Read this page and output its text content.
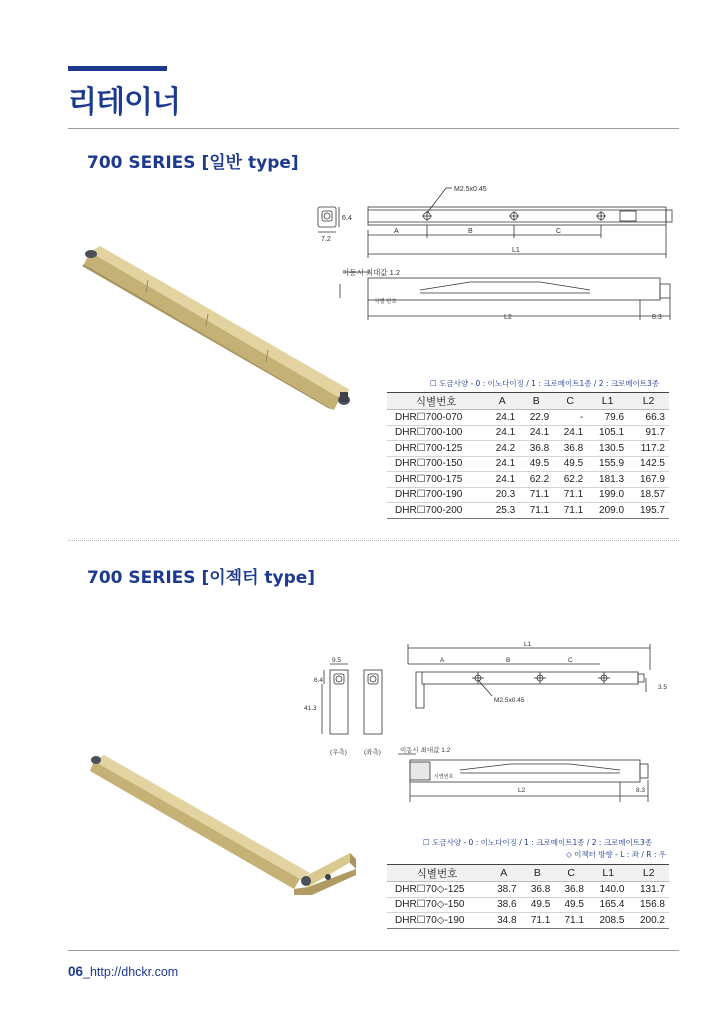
리테이너
700 SERIES [일반 type]
M2.5x0.45
6.4
7.2
A	B	C
L1
이동시 최대값 1.2
식별 번호
L2	8.3
☐ 도금사양 - 0 : 이노다이징 / 1 : 크로메이트1종 / 2 : 크로메이트3종
식별번호	A	B	C	L1	L2
DHR☐700-070	24.1	22.9	-	79.6	66.3
DHR☐700-100	24.1	24.1	24.1	105.1	91.7
DHR☐700-125	24.2	36.8	36.8	130.5	117.2
DHR☐700-150	24.1	49.5	49.5	155.9	142.5
DHR☐700-175	24.1	62.2	62.2	181.3	167.9
DHR☐700-190	20.3	71.1	71.1	199.0	18.57
DHR☐700-200	25.3	71.1	71.1	209.0	195.7
700 SERIES [이젝터 type]
9.5
6.4
41.3
(우측)	(좌측)
L1
A	B	C
3.5
M2.5x0.45
이동시 최대값 1.2
식별번호
L2	8.3
☐ 도금사양 - 0 : 이노다이징 / 1 : 크로메이트1종 / 2 : 크로메이트3종
◇ 이젝터 방향 - L : 좌 / R : 우
식별번호	A	B	C	L1	L2
DHR☐70◇-125	38.7	36.8	36.8	140.0	131.7
DHR☐70◇-150	38.6	49.5	49.5	165.4	156.8
DHR☐70◇-190	34.8	71.1	71.1	208.5	200.2
06_http://dhckr.com
